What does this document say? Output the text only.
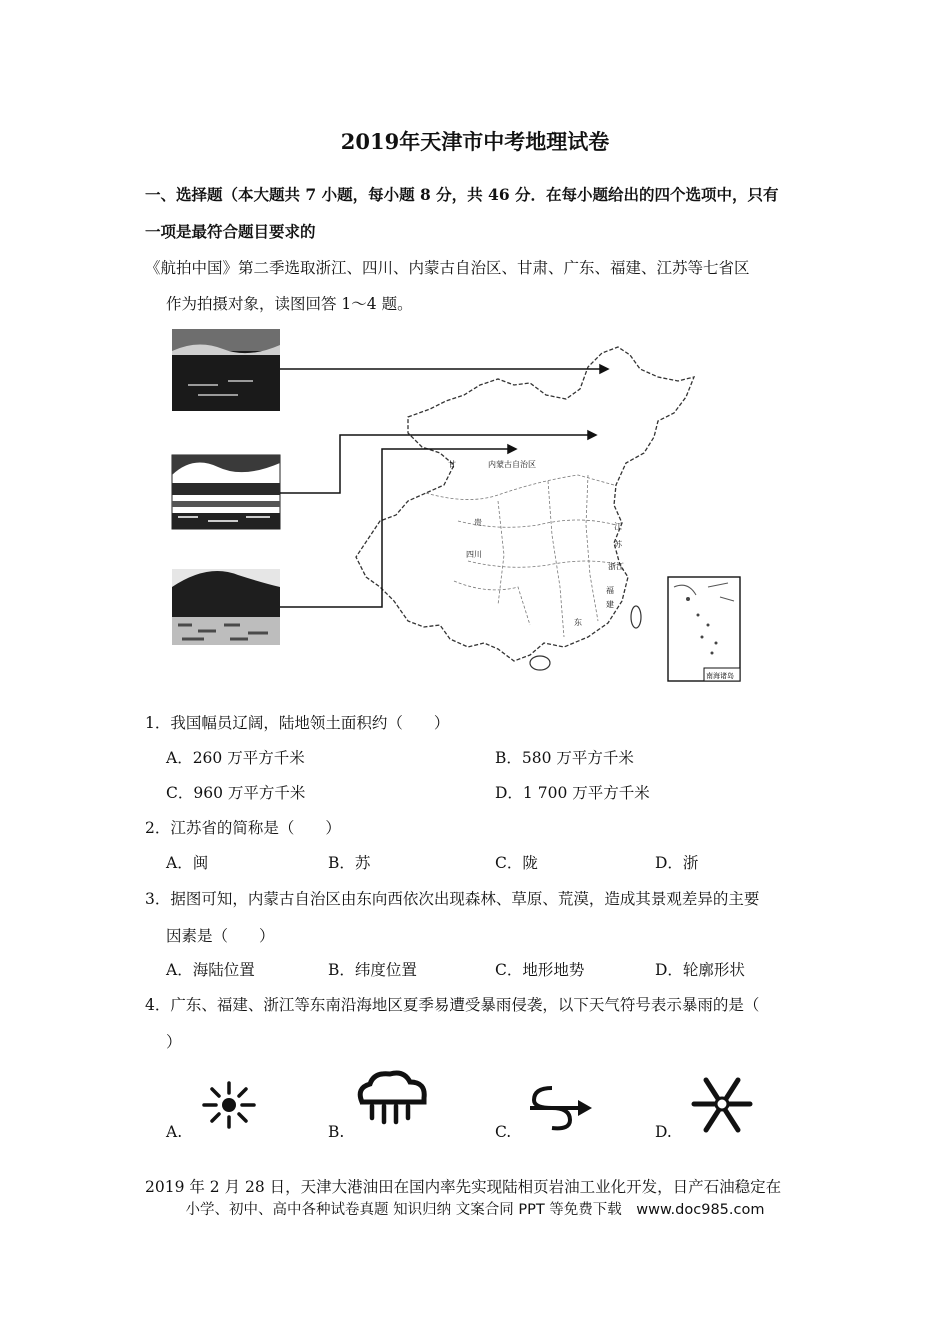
2019年天津市中考地理试卷
一、选择题（本大题共 7 小题，每小题 8 分，共 46 分．在每小题给出的四个选项中，只有
一项是最符合题目要求的
《航拍中国》第二季选取浙江、四川、内蒙古自治区、甘肃、广东、福建、江苏等七省区
作为拍摄对象，读图回答 1～4 题。
甘	内蒙古自治区
贵
四川
江
苏
浙江
福
建
东
南海诸岛
1．我国幅员辽阔，陆地领土面积约（　　）
A．260 万平方千米	B．580 万平方千米
C．960 万平方千米	D．1 700 万平方千米
2．江苏省的简称是（　　）
A．闽	B．苏	C．陇	D．浙
3．据图可知，内蒙古自治区由东向西依次出现森林、草原、荒漠，造成其景观差异的主要
因素是（　　）
A．海陆位置	B．纬度位置	C．地形地势	D．轮廓形状
4．广东、福建、浙江等东南沿海地区夏季易遭受暴雨侵袭，以下天气符号表示暴雨的是（
）
A.	B.	C.	D.
2019 年 2 月 28 日，天津大港油田在国内率先实现陆相页岩油工业化开发，日产石油稳定在
小学、初中、高中各种试卷真题 知识归纳 文案合同 PPT 等免费下载　www.doc985.com
